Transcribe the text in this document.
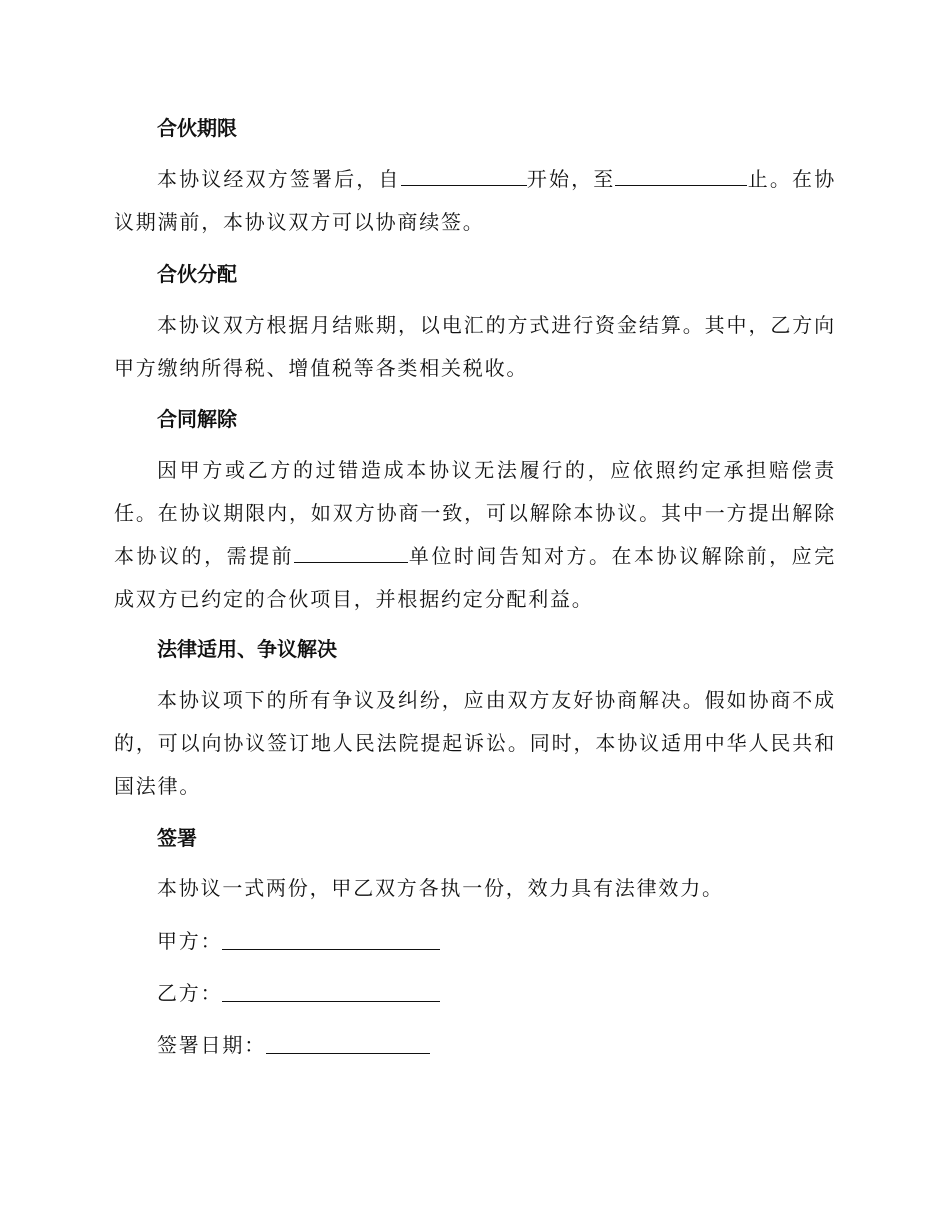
合伙期限

本协议经双方签署后，自	开始，至	止。在协议期满前，本协议双方可以协商续签。

合伙分配

本协议双方根据月结账期，以电汇的方式进行资金结算。其中，乙方向甲方缴纳所得税、增值税等各类相关税收。

合同解除

因甲方或乙方的过错造成本协议无法履行的，应依照约定承担赔偿责任。在协议期限内，如双方协商一致，可以解除本协议。其中一方提出解除本协议的，需提前	单位时间告知对方。在本协议解除前，应完成双方已约定的合伙项目，并根据约定分配利益。

法律适用、争议解决

本协议项下的所有争议及纠纷，应由双方友好协商解决。假如协商不成的，可以向协议签订地人民法院提起诉讼。同时，本协议适用中华人民共和国法律。

签署
本协议一式两份，甲乙双方各执一份，效力具有法律效力。
甲方：
乙方：
签署日期：
